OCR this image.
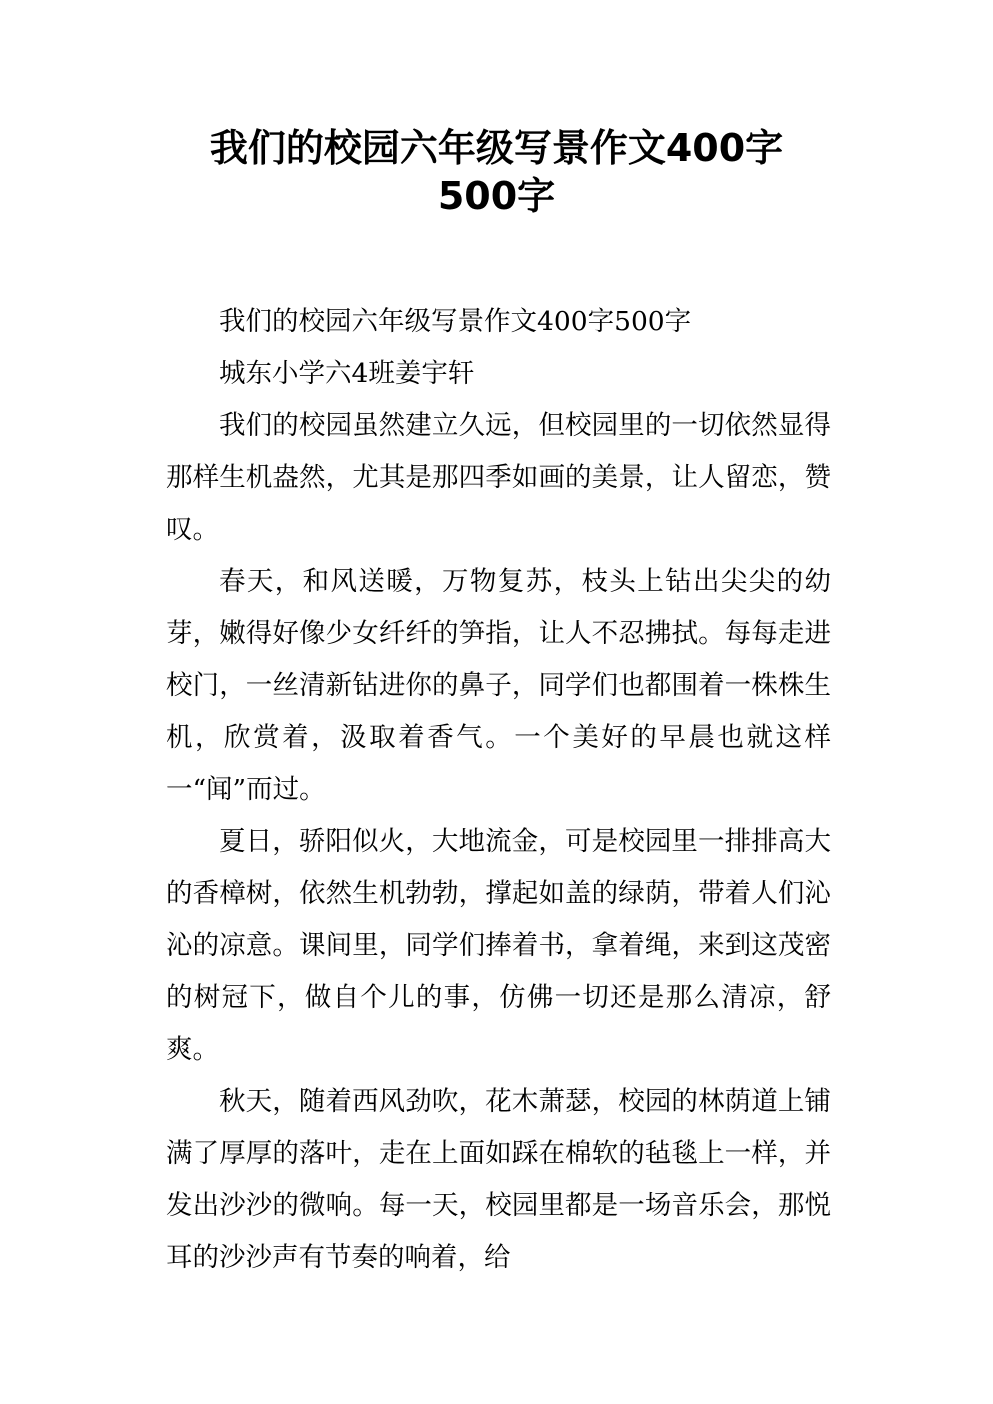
我们的校园六年级写景作文400字
500字

我们的校园六年级写景作文400字500字

城东小学六4班姜宇轩

我们的校园虽然建立久远，但校园里的一切依然显得那样生机盎然，尤其是那四季如画的美景，让人留恋，赞叹。

春天，和风送暖，万物复苏，枝头上钻出尖尖的幼芽，嫩得好像少女纤纤的笋指，让人不忍拂拭。每每走进校门，一丝清新钻进你的鼻子，同学们也都围着一株株生机，欣赏着，汲取着香气。一个美好的早晨也就这样一“闻”而过。

夏日，骄阳似火，大地流金，可是校园里一排排高大的香樟树，依然生机勃勃，撑起如盖的绿荫，带着人们沁沁的凉意。课间里，同学们捧着书，拿着绳，来到这茂密的树冠下，做自个儿的事，仿佛一切还是那么清凉，舒爽。

秋天，随着西风劲吹，花木萧瑟，校园的林荫道上铺满了厚厚的落叶，走在上面如踩在棉软的毡毯上一样，并发出沙沙的微响。每一天，校园里都是一场音乐会，那悦耳的沙沙声有节奏的响着，给
